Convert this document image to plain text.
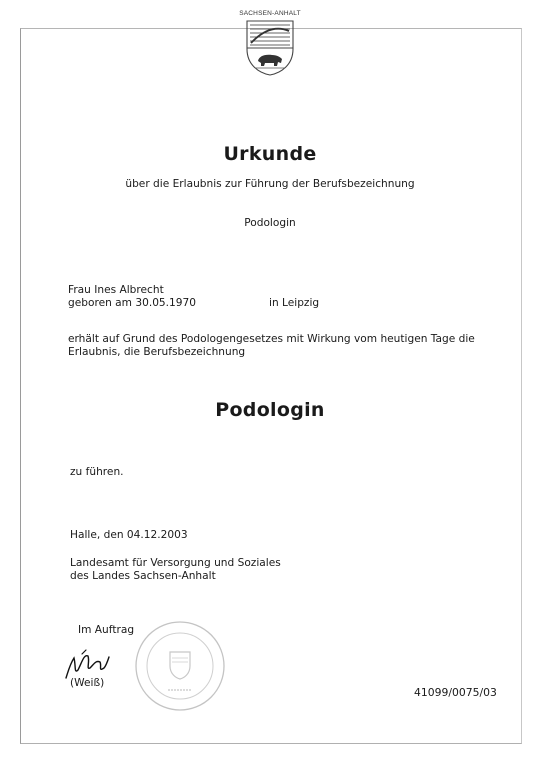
SACHSEN-ANHALT
Urkunde
über die Erlaubnis zur Führung der Berufsbezeichnung
Podologin
Frau Ines Albrecht
geboren am 30.05.1970	in Leipzig
erhält auf Grund des Podologengesetzes mit Wirkung vom heutigen Tage die
Erlaubnis, die Berufsbezeichnung
Podologin
zu führen.
Halle, den 04.12.2003
Landesamt für Versorgung und Soziales
des Landes Sachsen-Anhalt
Im Auftrag
(Weiß)
41099/0075/03
